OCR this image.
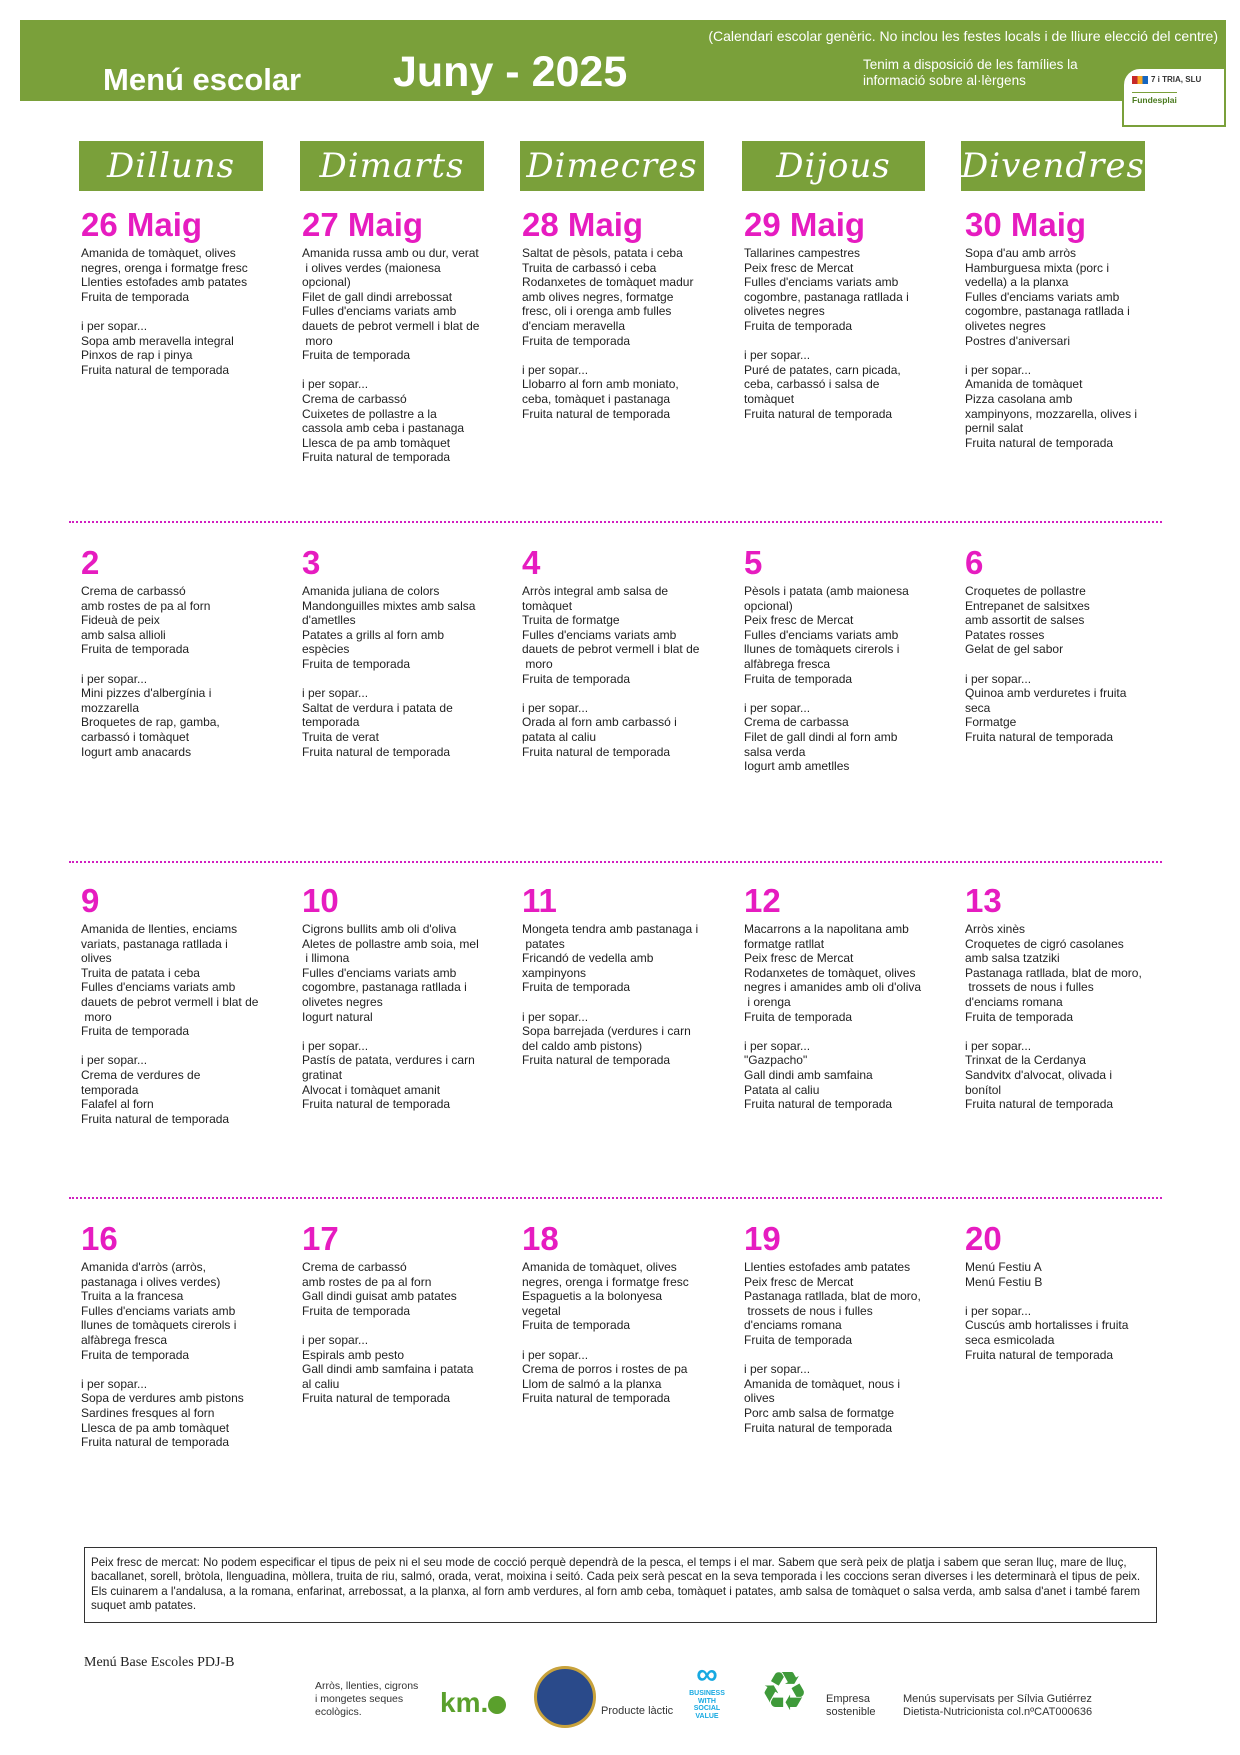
(Calendari escolar genèric. No inclou les festes locals i de lliure elecció del centre)
Menú escolar Juny - 2025	Tenim a disposició de les famílies la
informació sobre al·lèrgens	7 i TRIA, SLU
Fundesplai
Dilluns	Dimarts	Dimecres	Dijous	Divendres
26 Maig
Amanida de tomàquet, olives
negres, orenga i formatge fresc
Llenties estofades amb patates
Fruita de temporada
i per sopar...
Sopa amb meravella integral
Pinxos de rap i pinya
Fruita natural de temporada
27 Maig
Amanida russa amb ou dur, verat
i olives verdes (maionesa
opcional)
Filet de gall dindi arrebossat
Fulles d'enciams variats amb
dauets de pebrot vermell i blat de
moro
Fruita de temporada
i per sopar...
Crema de carbassó
Cuixetes de pollastre a la
cassola amb ceba i pastanaga
Llesca de pa amb tomàquet
Fruita natural de temporada
28 Maig
Saltat de pèsols, patata i ceba
Truita de carbassó i ceba
Rodanxetes de tomàquet madur
amb olives negres, formatge
fresc, oli i orenga amb fulles
d'enciam meravella
Fruita de temporada
i per sopar...
Llobarro al forn amb moniato,
ceba, tomàquet i pastanaga
Fruita natural de temporada
29 Maig
Tallarines campestres
Peix fresc de Mercat
Fulles d'enciams variats amb
cogombre, pastanaga ratllada i
olivetes negres
Fruita de temporada
i per sopar...
Puré de patates, carn picada,
ceba, carbassó i salsa de
tomàquet
Fruita natural de temporada
30 Maig
Sopa d'au amb arròs
Hamburguesa mixta (porc i
vedella) a la planxa
Fulles d'enciams variats amb
cogombre, pastanaga ratllada i
olivetes negres
Postres d'aniversari
i per sopar...
Amanida de tomàquet
Pizza casolana amb
xampinyons, mozzarella, olives i
pernil salat
Fruita natural de temporada
2
Crema de carbassó
amb rostes de pa al forn
Fideuà de peix
amb salsa allioli
Fruita de temporada
i per sopar...
Mini pizzes d'albergínia i
mozzarella
Broquetes de rap, gamba,
carbassó i tomàquet
Iogurt amb anacards
3
Amanida juliana de colors
Mandonguilles mixtes amb salsa
d'ametlles
Patates a grills al forn amb
espècies
Fruita de temporada
i per sopar...
Saltat de verdura i patata de
temporada
Truita de verat
Fruita natural de temporada
4
Arròs integral amb salsa de
tomàquet
Truita de formatge
Fulles d'enciams variats amb
dauets de pebrot vermell i blat de
moro
Fruita de temporada
i per sopar...
Orada al forn amb carbassó i
patata al caliu
Fruita natural de temporada
5
Pèsols i patata (amb maionesa
opcional)
Peix fresc de Mercat
Fulles d'enciams variats amb
llunes de tomàquets cirerols i
alfàbrega fresca
Fruita de temporada
i per sopar...
Crema de carbassa
Filet de gall dindi al forn amb
salsa verda
Iogurt amb ametlles
6
Croquetes de pollastre
Entrepanet de salsitxes
amb assortit de salses
Patates rosses
Gelat de gel sabor
i per sopar...
Quinoa amb verduretes i fruita
seca
Formatge
Fruita natural de temporada
9
Amanida de llenties, enciams
variats, pastanaga ratllada i
olives
Truita de patata i ceba
Fulles d'enciams variats amb
dauets de pebrot vermell i blat de
moro
Fruita de temporada
i per sopar...
Crema de verdures de
temporada
Falafel al forn
Fruita natural de temporada
10
Cigrons bullits amb oli d'oliva
Aletes de pollastre amb soia, mel
i llimona
Fulles d'enciams variats amb
cogombre, pastanaga ratllada i
olivetes negres
Iogurt natural
i per sopar...
Pastís de patata, verdures i carn
gratinat
Alvocat i tomàquet amanit
Fruita natural de temporada
11
Mongeta tendra amb pastanaga i
patates
Fricandó de vedella amb
xampinyons
Fruita de temporada
i per sopar...
Sopa barrejada (verdures i carn
del caldo amb pistons)
Fruita natural de temporada
12
Macarrons a la napolitana amb
formatge ratllat
Peix fresc de Mercat
Rodanxetes de tomàquet, olives
negres i amanides amb oli d'oliva
i orenga
Fruita de temporada
i per sopar...
"Gazpacho"
Gall dindi amb samfaina
Patata al caliu
Fruita natural de temporada
13
Arròs xinès
Croquetes de cigró casolanes
amb salsa tzatziki
Pastanaga ratllada, blat de moro,
trossets de nous i fulles
d'enciams romana
Fruita de temporada
i per sopar...
Trinxat de la Cerdanya
Sandvitx d'alvocat, olivada i
bonítol
Fruita natural de temporada
16
Amanida d'arròs (arròs,
pastanaga i olives verdes)
Truita a la francesa
Fulles d'enciams variats amb
llunes de tomàquets cirerols i
alfàbrega fresca
Fruita de temporada
i per sopar...
Sopa de verdures amb pistons
Sardines fresques al forn
Llesca de pa amb tomàquet
Fruita natural de temporada
17
Crema de carbassó
amb rostes de pa al forn
Gall dindi guisat amb patates
Fruita de temporada
i per sopar...
Espirals amb pesto
Gall dindi amb samfaina i patata
al caliu
Fruita natural de temporada
18
Amanida de tomàquet, olives
negres, orenga i formatge fresc
Espaguetis a la bolonyesa
vegetal
Fruita de temporada
i per sopar...
Crema de porros i rostes de pa
Llom de salmó a la planxa
Fruita natural de temporada
19
Llenties estofades amb patates
Peix fresc de Mercat
Pastanaga ratllada, blat de moro,
trossets de nous i fulles
d'enciams romana
Fruita de temporada
i per sopar...
Amanida de tomàquet, nous i
olives
Porc amb salsa de formatge
Fruita natural de temporada
20
Menú Festiu A
Menú Festiu B
i per sopar...
Cuscús amb hortalisses i fruita
seca esmicolada
Fruita natural de temporada
Peix fresc de mercat: No podem especificar el tipus de peix ni el seu mode de cocció perquè dependrà de la pesca, el temps i el mar. Sabem que serà peix de platja i sabem que seran lluç, mare de lluç, bacallanet, sorell, bròtola, llenguadina, mòllera, truita de riu, salmó, orada, verat, moixina i seitó. Cada peix serà pescat en la seva temporada i les coccions seran diverses i les determinarà el tipus de peix. Els cuinarem a l'andalusa, a la romana, enfarinat, arrebossat, a la planxa, al forn amb verdures, al forn amb ceba, tomàquet i patates, amb salsa de tomàquet o salsa verda, amb salsa d'anet i també farem suquet amb patates.
Menú Base Escoles PDJ-B
Arròs, llenties, cigrons
i mongetes seques
ecològics.	km.	Producte làctic
∞
BUSINESS
WITH
SOCIAL
VALUE ♻ Empresa
sostenible
Menús supervisats per Sílvia Gutiérrez
Dietista-Nutricionista col.nºCAT000636
